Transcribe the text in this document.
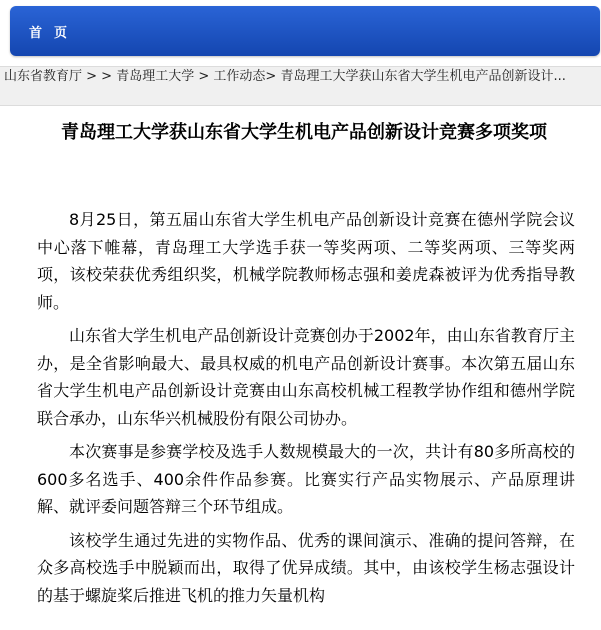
首页
山东省教育厅 > > 青岛理工大学 > 工作动态> 青岛理工大学获山东省大学生机电产品创新设计...
青岛理工大学获山东省大学生机电产品创新设计竞赛多项奖项

8月25日，第五届山东省大学生机电产品创新设计竞赛在德州学院会议中心落下帷幕，青岛理工大学选手获一等奖两项、二等奖两项、三等奖两项，该校荣获优秀组织奖，机械学院教师杨志强和姜虎森被评为优秀指导教师。

山东省大学生机电产品创新设计竞赛创办于2002年，由山东省教育厅主办，是全省影响最大、最具权威的机电产品创新设计赛事。本次第五届山东省大学生机电产品创新设计竞赛由山东高校机械工程教学协作组和德州学院联合承办，山东华兴机械股份有限公司协办。

本次赛事是参赛学校及选手人数规模最大的一次，共计有80多所高校的600多名选手、400余件作品参赛。比赛实行产品实物展示、产品原理讲解、就评委问题答辩三个环节组成。

该校学生通过先进的实物作品、优秀的课间演示、准确的提问答辩，在众多高校选手中脱颖而出，取得了优异成绩。其中，由该校学生杨志强设计的基于螺旋桨后推进飞机的推力矢量机构
